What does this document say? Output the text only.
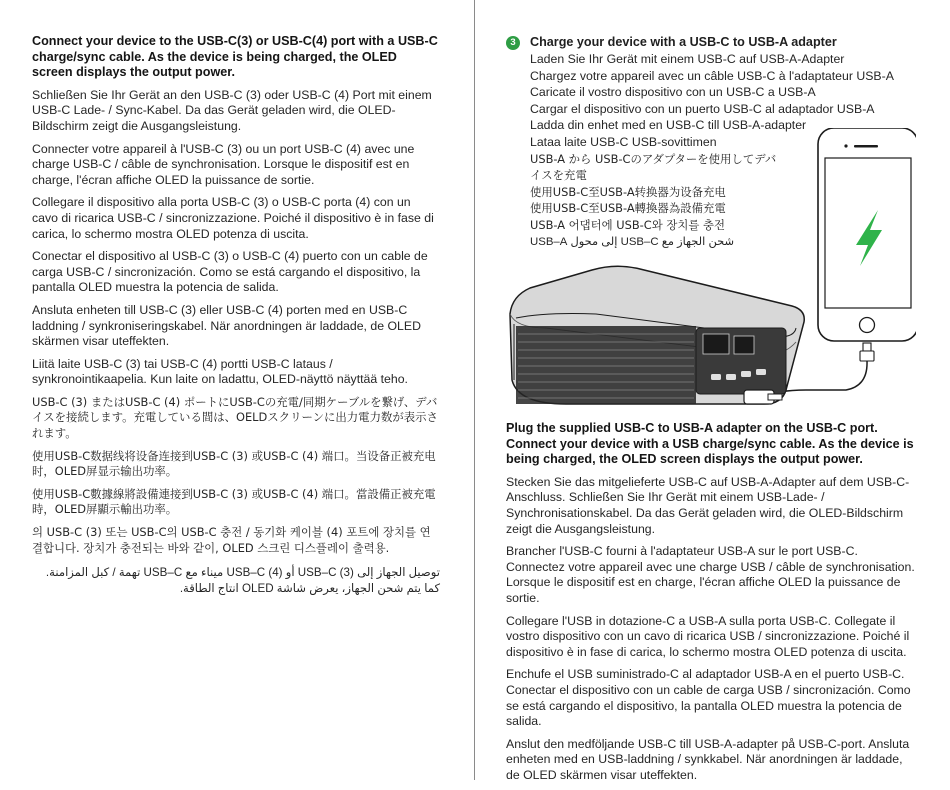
Connect your device to the USB-C(3) or USB-C(4) port with a USB-C charge/sync cable. As the device is being charged, the OLED screen displays the output power.

Schließen Sie Ihr Gerät an den USB-C (3) oder USB-C (4) Port mit einem USB-C Lade- / Sync-Kabel. Da das Gerät geladen wird, die OLED-Bildschirm zeigt die Ausgangsleistung.

Connecter votre appareil à l'USB-C (3) ou un port USB-C (4) avec une charge USB-C / câble de synchronisation. Lorsque le dispositif est en charge, l'écran affiche OLED la puissance de sortie.

Collegare il dispositivo alla porta USB-C (3) o USB-C porta (4) con un cavo di ricarica USB-C / sincronizzazione. Poiché il dispositivo è in fase di carica, lo schermo mostra OLED potenza di uscita.

Conectar el dispositivo al USB-C (3) o USB-C (4) puerto con un cable de carga USB-C / sincronización. Como se está cargando el dispositivo, la pantalla OLED muestra la potencia de salida.

Ansluta enheten till USB-C (3) eller USB-C (4) porten med en USB-C laddning / synkroniseringskabel. När anordningen är laddade, de OLED skärmen visar uteffekten.

Liitä laite USB-C (3) tai USB-C (4) portti USB-C lataus / synkronointikaapelia. Kun laite on ladattu, OLED-näyttö näyttää teho.

USB-C (3) またはUSB-C (4) ポートにUSB-Cの充電/同期ケーブルを繋げ、デバイスを接続します。充電している間は、OELDスクリーンに出力電力数が表示されます。

使用USB-C数据线将设备连接到USB-C (3) 或USB-C (4) 端口。当设备正被充电时，OLED屏显示输出功率。

使用USB-C數據線將設備連接到USB-C (3) 或USB-C (4) 端口。當設備正被充電時，OLED屏顯示輸出功率。

의 USB-C (3) 또는 USB-C의 USB-C 충전 / 동기화 케이블 (4) 포트에 장치를 연결합니다. 장치가 충전되는 바와 같이, OLED 스크린 디스플레이 출력용.

توصيل الجهاز إلى USB–C (3) أو USB–C (4) ميناء مع USB–C تهمة / كبل المزامنة. كما يتم شحن الجهاز، يعرض شاشة OLED انتاج الطاقة.

3	Charge your device with a USB-C to USB-A adapter
Laden Sie Ihr Gerät mit einem USB-C auf USB-A-Adapter
Chargez votre appareil avec un câble USB-C à l'adaptateur USB-A
Caricate il vostro dispositivo con un USB-C a USB-A
Cargar el dispositivo con un puerto USB-C al adaptador USB-A
Ladda din enhet med en USB-C till USB-A-adapter
Lataa laite USB-C USB-sovittimen
USB-A から USB-Cのアダプターを使用してデバ
イスを充電
使用USB-C至USB-A转换器为设备充电
使用USB-C至USB-A轉換器為設備充電
USB-A 어댑터에 USB-C와 장치를 충전
شحن الجهاز مع USB–C إلى محول USB–A

Plug the supplied USB-C to USB-A adapter on the USB-C port. Connect your device with a USB charge/sync cable. As the device is being charged, the OLED screen displays the output power.

Stecken Sie das mitgelieferte USB-C auf USB-A-Adapter auf dem USB-C-Anschluss. Schließen Sie Ihr Gerät mit einem USB-Lade- / Synchronisationskabel. Da das Gerät geladen wird, die OLED-Bildschirm zeigt die Ausgangsleistung.

Brancher l'USB-C fourni à l'adaptateur USB-A sur le port USB-C. Connectez votre appareil avec une charge USB / câble de synchronisation. Lorsque le dispositif est en charge, l'écran affiche OLED la puissance de sortie.

Collegare l'USB in dotazione-C a USB-A sulla porta USB-C. Collegate il vostro dispositivo con un cavo di ricarica USB / sincronizzazione. Poiché il dispositivo è in fase di carica, lo schermo mostra OLED potenza di uscita.

Enchufe el USB suministrado-C al adaptador USB-A en el puerto USB-C. Conectar el dispositivo con un cable de carga USB / sincronización. Como se está cargando el dispositivo, la pantalla OLED muestra la potencia de salida.

Anslut den medföljande USB-C till USB-A-adapter på USB-C-port. Ansluta enheten med en USB-laddning / synkkabel. När anordningen är laddade, de OLED skärmen visar uteffekten.
